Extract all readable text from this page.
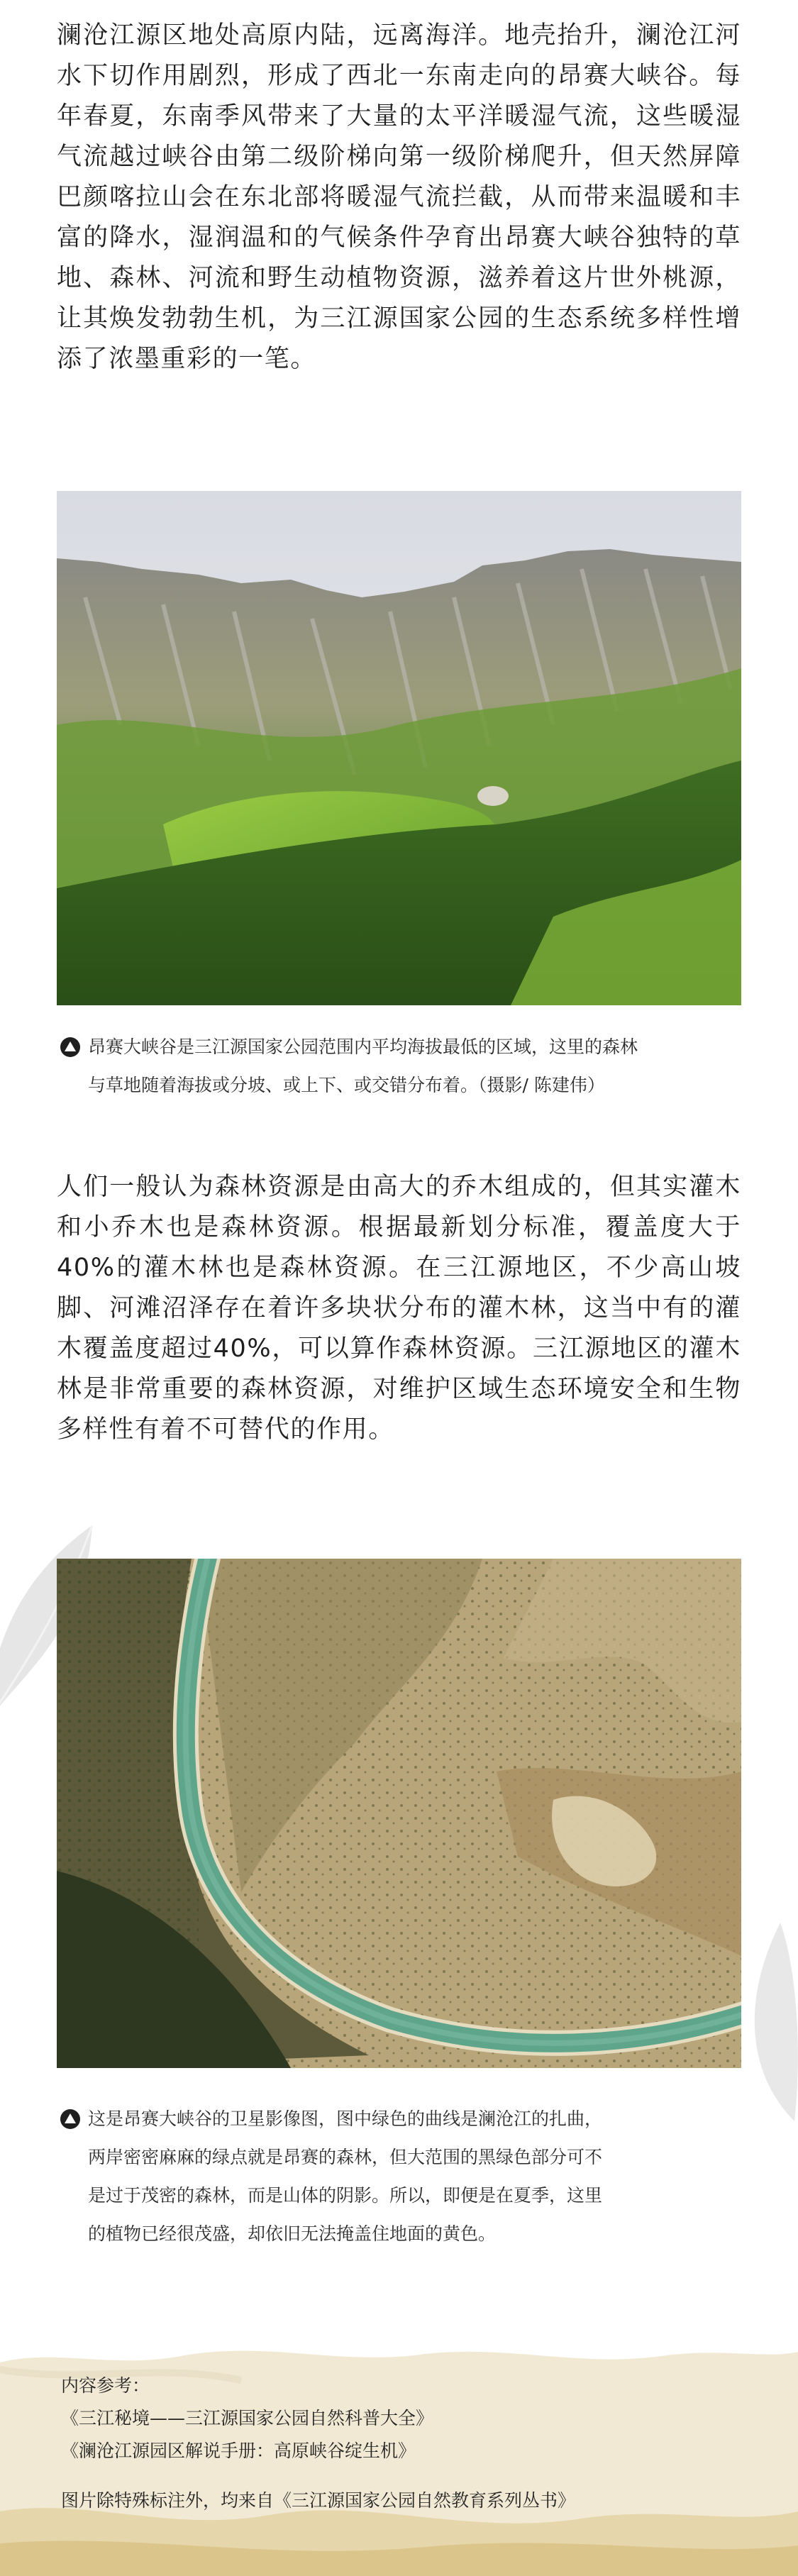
澜沧江源区地处高原内陆，远离海洋。地壳抬升，澜沧江河水下切作用剧烈，形成了西北一东南走向的昂赛大峡谷。每年春夏，东南季风带来了大量的太平洋暖湿气流，这些暖湿气流越过峡谷由第二级阶梯向第一级阶梯爬升，但天然屏障巴颜喀拉山会在东北部将暖湿气流拦截，从而带来温暖和丰富的降水，湿润温和的气候条件孕育出昂赛大峡谷独特的草地、森林、河流和野生动植物资源，滋养着这片世外桃源，让其焕发勃勃生机，为三江源国家公园的生态系统多样性增添了浓墨重彩的一笔。

昂赛大峡谷是三江源国家公园范围内平均海拔最低的区域，这里的森林
与草地随着海拔或分坡、或上下、或交错分布着。（摄影/ 陈建伟）

人们一般认为森林资源是由高大的乔木组成的，但其实灌木和小乔木也是森林资源。根据最新划分标准，覆盖度大于40%的灌木林也是森林资源。在三江源地区，不少高山坡脚、河滩沼泽存在着许多块状分布的灌木林，这当中有的灌木覆盖度超过40%，可以算作森林资源。三江源地区的灌木林是非常重要的森林资源，对维护区域生态环境安全和生物多样性有着不可替代的作用。

这是昂赛大峡谷的卫星影像图，图中绿色的曲线是澜沧江的扎曲，
两岸密密麻麻的绿点就是昂赛的森林，但大范围的黑绿色部分可不
是过于茂密的森林，而是山体的阴影。所以，即便是在夏季，这里
的植物已经很茂盛，却依旧无法掩盖住地面的黄色。
内容参考：
《三江秘境——三江源国家公园自然科普大全》
《澜沧江源园区解说手册：高原峡谷绽生机》
图片除特殊标注外，均来自《三江源国家公园自然教育系列丛书》
